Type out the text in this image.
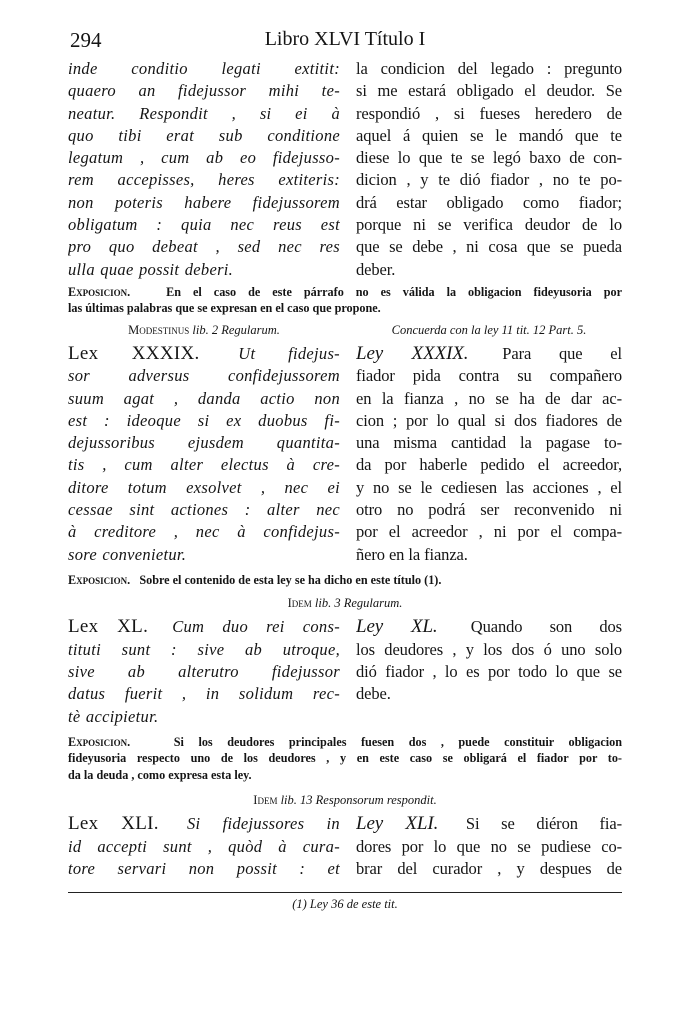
294	Libro XLVI Título I
inde conditio legati extitit:
quaero an fidejussor mihi te-
neatur. Respondit , si ei à
quo tibi erat sub conditione
legatum , cum ab eo fidejusso-
rem accepisses, heres extiteris:
non poteris habere fidejussorem
obligatum : quia nec reus est
pro quo debeat , sed nec res
ulla quae possit deberi.
la condicion del legado : pregunto
si me estará obligado el deudor. Se
respondió , si fueses heredero de
aquel á quien se le mandó que te
diese lo que te se legó baxo de con-
dicion , y te dió fiador , no te po-
drá estar obligado como fiador;
porque ni se verifica deudor de lo
que se debe , ni cosa que se pueda
deber.
Exposicion.	En el caso de este párrafo no es válida la obligacion fideyusoria por
las últimas palabras que se expresan en el caso que propone.
Modestinus lib. 2 Regularum.	Concuerda con la ley 11 tit. 12 Part. 5.
Lex XXXIX. Ut fidejus-
sor adversus confidejussorem
suum agat , danda actio non
est : ideoque si ex duobus fi-
dejussoribus ejusdem quantita-
tis , cum alter electus à cre-
ditore totum exsolvet , nec ei
cessae sint actiones : alter nec
à creditore , nec à confidejus-
sore convenietur.
Ley XXXIX. Para que el
fiador pida contra su compañero
en la fianza , no se ha de dar ac-
cion ; por lo qual si dos fiadores de
una misma cantidad la pagase to-
da por haberle pedido el acreedor,
y no se le cediesen las acciones , el
otro no podrá ser reconvenido ni
por el acreedor , ni por el compa-
ñero en la fianza.
Exposicion. Sobre el contenido de esta ley se ha dicho en este título (1).
Idem lib. 3 Regularum.
Lex XL. Cum duo rei cons-
tituti sunt : sive ab utroque,
sive ab alterutro fidejussor
datus fuerit , in solidum rec-
tè accipietur.
Ley XL. Quando son dos
los deudores , y los dos ó uno solo
dió fiador , lo es por todo lo que se
debe.
Exposicion.	Si los deudores principales fuesen dos , puede constituir obligacion
fideyusoria respecto uno de los deudores , y en este caso se obligará el fiador por to-
da la deuda , como expresa esta ley.
Idem lib. 13 Responsorum respondit.
Lex XLI. Si fidejussores in
id accepti sunt , quòd à cura-
tore servari non possit : et
Ley XLI. Si se diéron fia-
dores por lo que no se pudiese co-
brar del curador , y despues de
(1) Ley 36 de este tit.
